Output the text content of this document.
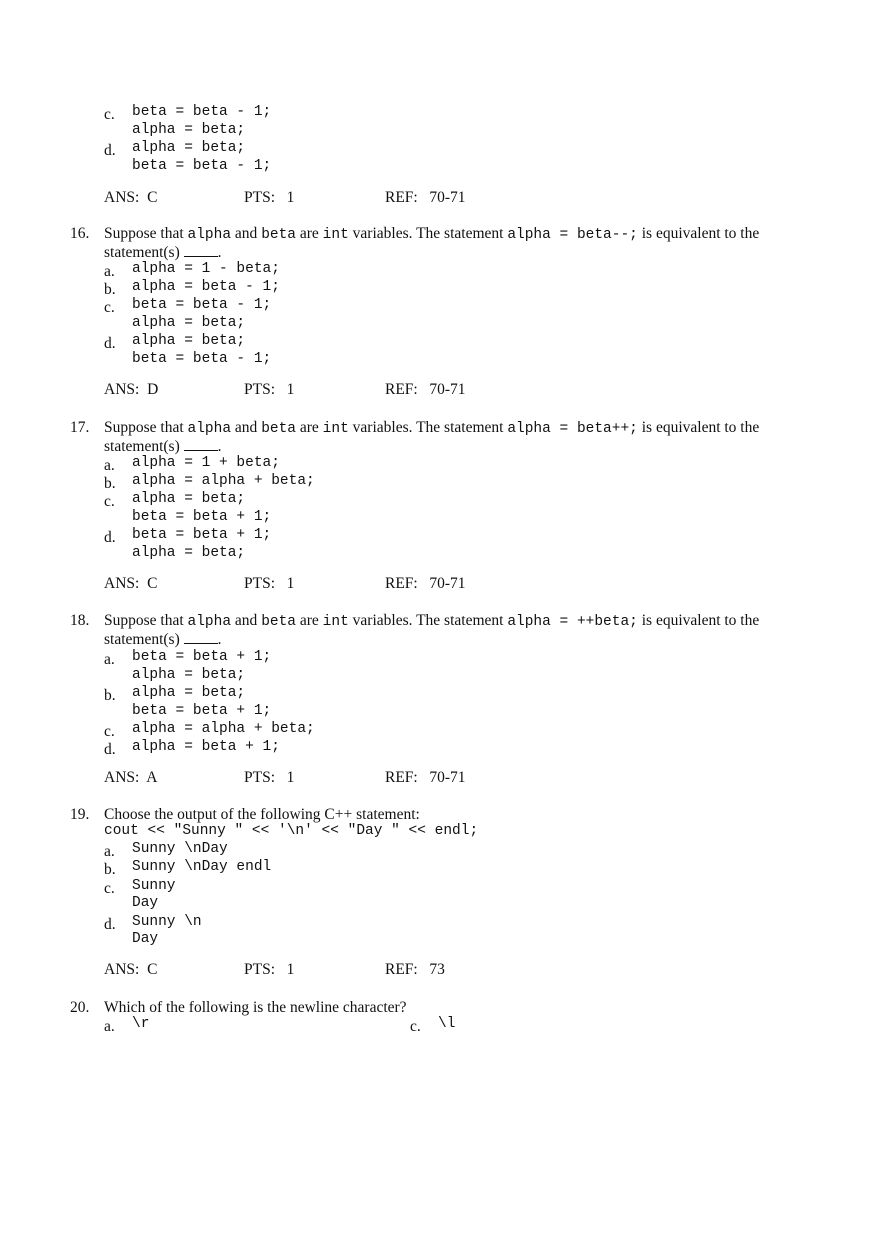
c.	beta = beta - 1;
alpha = beta;
d.	alpha = beta;
beta = beta - 1;
ANS:  C	PTS:   1	REF:   70-71
16. Suppose that alpha and beta are int variables. The statement alpha = beta--; is equivalent to the statement(s) .
a.	alpha = 1 - beta;
b.	alpha = beta - 1;
c.	beta = beta - 1;
alpha = beta;
d.	alpha = beta;
beta = beta - 1;
ANS:  D	PTS:   1	REF:   70-71
17. Suppose that alpha and beta are int variables. The statement alpha = beta++; is equivalent to the statement(s) .
a.	alpha = 1 + beta;
b.	alpha = alpha + beta;
c.	alpha = beta;
beta = beta + 1;
d.	beta = beta + 1;
alpha = beta;
ANS:  C	PTS:   1	REF:   70-71
18. Suppose that alpha and beta are int variables. The statement alpha = ++beta; is equivalent to the statement(s) .
a.	beta = beta + 1;
alpha = beta;
b.	alpha = beta;
beta = beta + 1;
c.	alpha = alpha + beta;
d.	alpha = beta + 1;
ANS:  A	PTS:   1	REF:   70-71
19. Choose the output of the following C++ statement:
cout << "Sunny " << '\n' << "Day " << endl;
a.	Sunny \nDay
b.	Sunny \nDay endl
c.	Sunny
Day
d.	Sunny \n
Day
ANS:  C	PTS:   1	REF:   73
20. Which of the following is the newline character?
a.	\r	c.	\l
